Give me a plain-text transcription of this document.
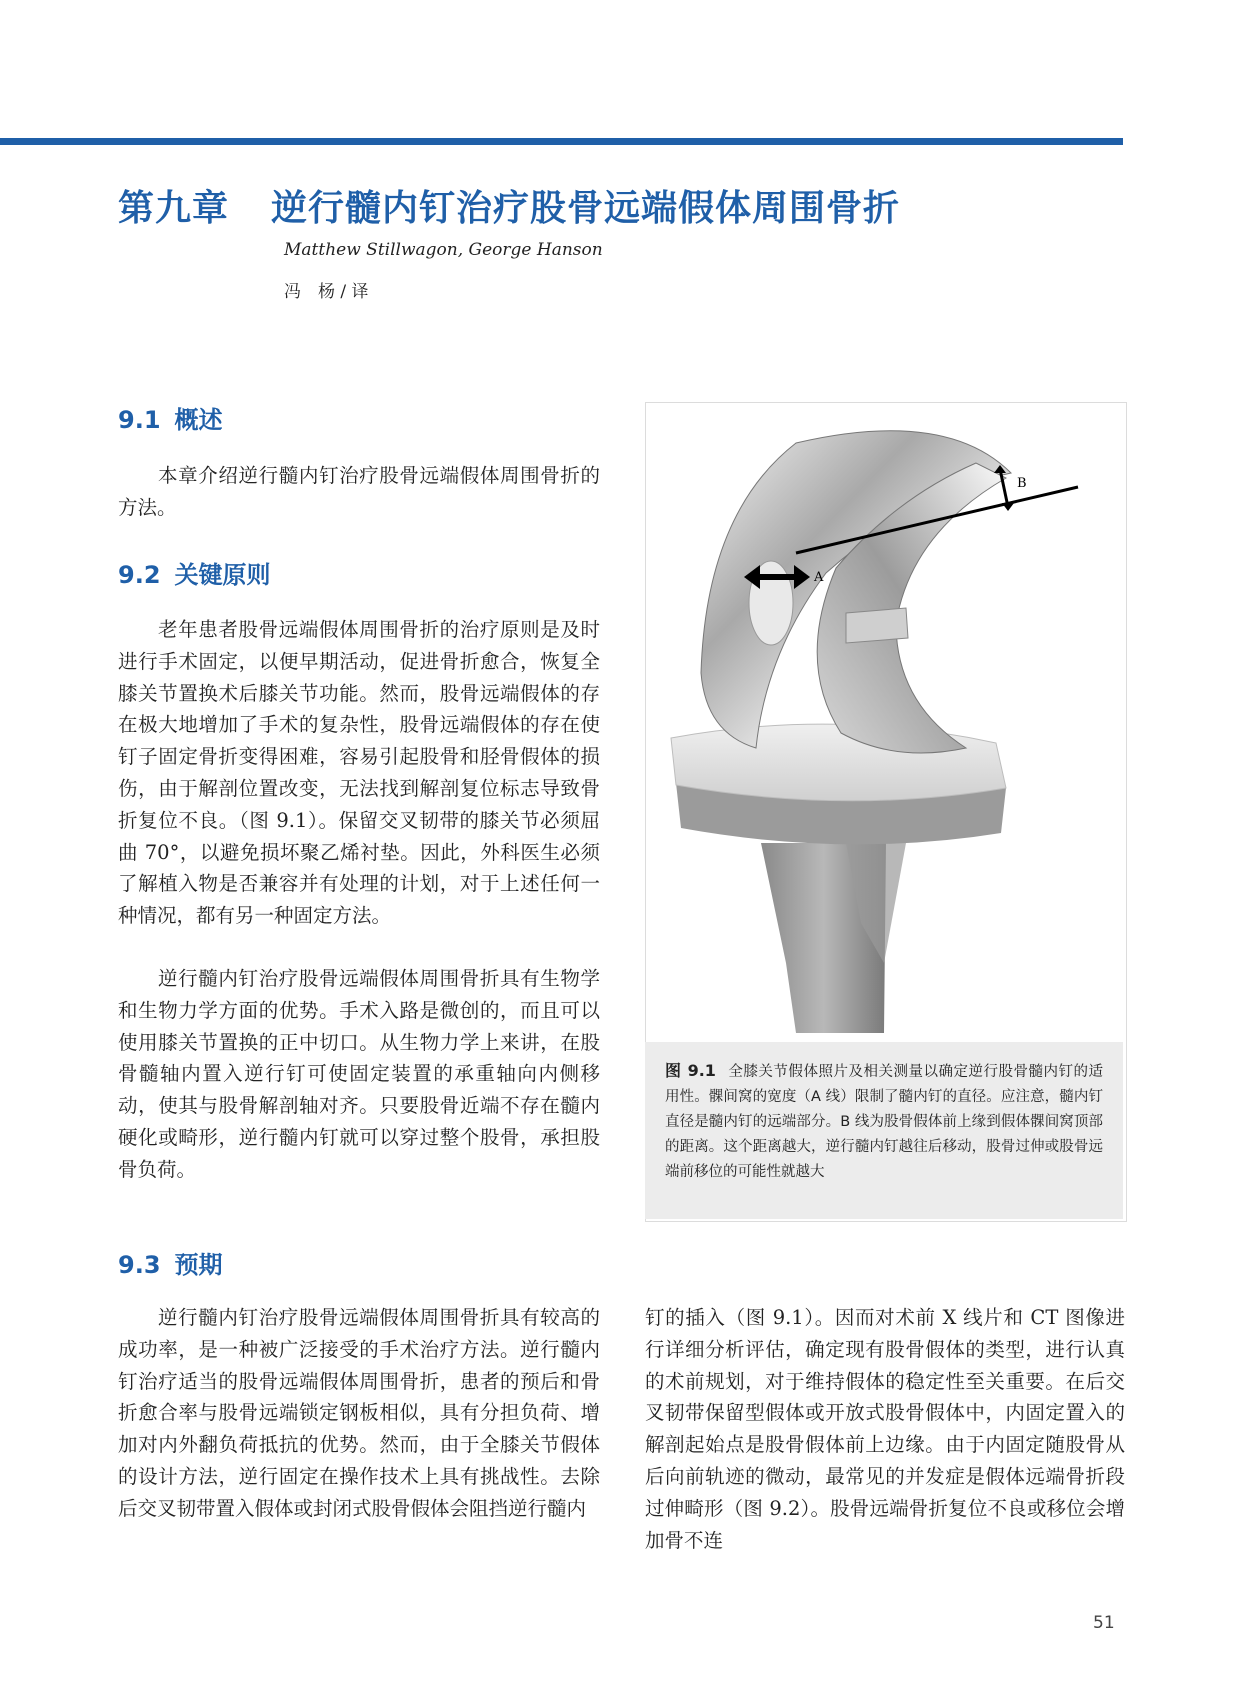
第九章 逆行髓内钉治疗股骨远端假体周围骨折
Matthew Stillwagon, George Hanson
冯　杨 / 译
9.1 概述

本章介绍逆行髓内钉治疗股骨远端假体周围骨折的方法。

9.2 关键原则

老年患者股骨远端假体周围骨折的治疗原则是及时进行手术固定，以便早期活动，促进骨折愈合，恢复全膝关节置换术后膝关节功能。然而，股骨远端假体的存在极大地增加了手术的复杂性，股骨远端假体的存在使钉子固定骨折变得困难，容易引起股骨和胫骨假体的损伤，由于解剖位置改变，无法找到解剖复位标志导致骨折复位不良。（图 9.1）。保留交叉韧带的膝关节必须屈曲 70°，以避免损坏聚乙烯衬垫。因此，外科医生必须了解植入物是否兼容并有处理的计划，对于上述任何一种情况，都有另一种固定方法。

逆行髓内钉治疗股骨远端假体周围骨折具有生物学和生物力学方面的优势。手术入路是微创的，而且可以使用膝关节置换的正中切口。从生物力学上来讲，在股骨髓轴内置入逆行钉可使固定装置的承重轴向内侧移动，使其与股骨解剖轴对齐。只要股骨近端不存在髓内硬化或畸形，逆行髓内钉就可以穿过整个股骨，承担股骨负荷。

9.3 预期

逆行髓内钉治疗股骨远端假体周围骨折具有较高的成功率，是一种被广泛接受的手术治疗方法。逆行髓内钉治疗适当的股骨远端假体周围骨折，患者的预后和骨折愈合率与股骨远端锁定钢板相似，具有分担负荷、增加对内外翻负荷抵抗的优势。然而，由于全膝关节假体的设计方法，逆行固定在操作技术上具有挑战性。去除后交叉韧带置入假体或封闭式股骨假体会阻挡逆行髓内

钉的插入（图 9.1）。因而对术前 X 线片和 CT 图像进行详细分析评估，确定现有股骨假体的类型，进行认真的术前规划，对于维持假体的稳定性至关重要。在后交叉韧带保留型假体或开放式股骨假体中，内固定置入的解剖起始点是股骨假体前上边缘。由于内固定随股骨从后向前轨迹的微动，最常见的并发症是假体远端骨折段过伸畸形（图 9.2）。股骨远端骨折复位不良或移位会增加骨不连

B
A

图 9.1 全膝关节假体照片及相关测量以确定逆行股骨髓内钉的适用性。髁间窝的宽度（A 线）限制了髓内钉的直径。应注意，髓内钉直径是髓内钉的远端部分。B 线为股骨假体前上缘到假体髁间窝顶部的距离。这个距离越大，逆行髓内钉越往后移动，股骨过伸或股骨远端前移位的可能性就越大

51
